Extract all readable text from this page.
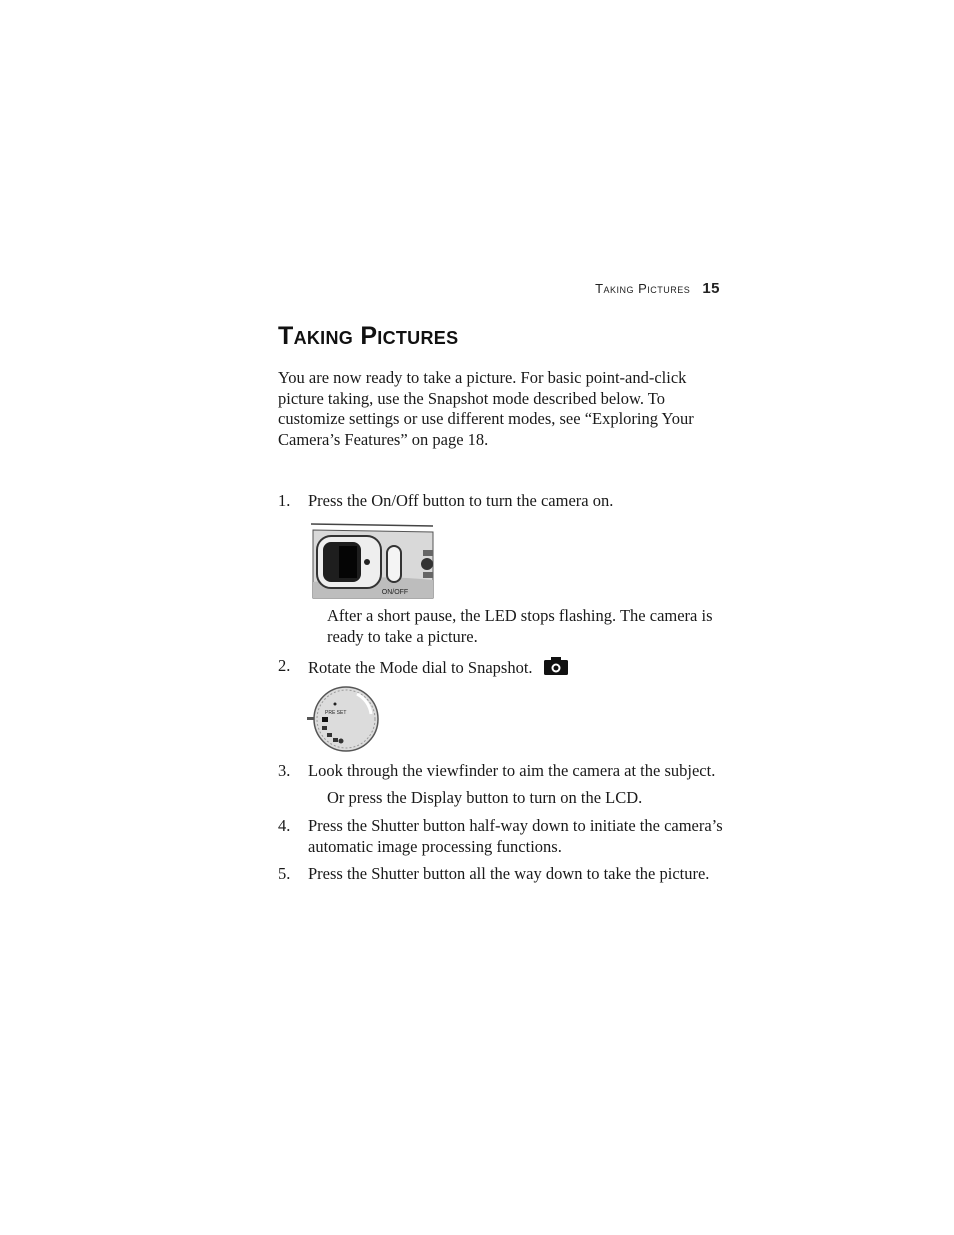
Taking Pictures 15
Taking Pictures

You are now ready to take a picture. For basic point-and-click picture taking, use the Snapshot mode described below. To customize settings or use different modes, see “Exploring Your Camera’s Features” on page 18.

1. Press the On/Off button to turn the camera on.
ON/OFF
After a short pause, the LED stops flashing. The camera is ready to take a picture.
2. Rotate the Mode dial to Snapshot.
PRE SET
3. Look through the viewfinder to aim the camera at the subject.
Or press the Display button to turn on the LCD.
4. Press the Shutter button half-way down to initiate the camera’s automatic image processing functions.
5. Press the Shutter button all the way down to take the picture.
